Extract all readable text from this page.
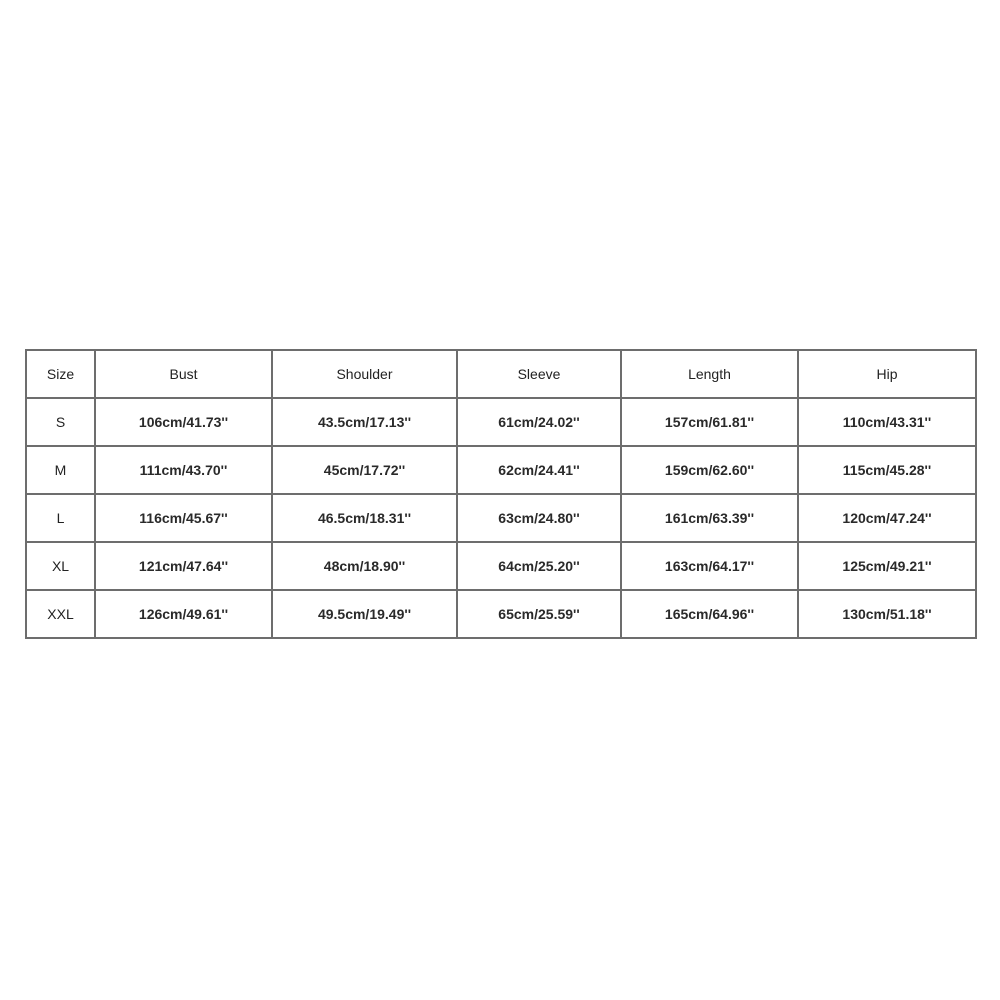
Size	Bust	Shoulder	Sleeve	Length	Hip
S	106cm/41.73''	43.5cm/17.13''	61cm/24.02''	157cm/61.81''	110cm/43.31''
M	111cm/43.70''	45cm/17.72''	62cm/24.41''	159cm/62.60''	115cm/45.28''
L	116cm/45.67''	46.5cm/18.31''	63cm/24.80''	161cm/63.39''	120cm/47.24''
XL	121cm/47.64''	48cm/18.90''	64cm/25.20''	163cm/64.17''	125cm/49.21''
XXL	126cm/49.61''	49.5cm/19.49''	65cm/25.59''	165cm/64.96''	130cm/51.18''
